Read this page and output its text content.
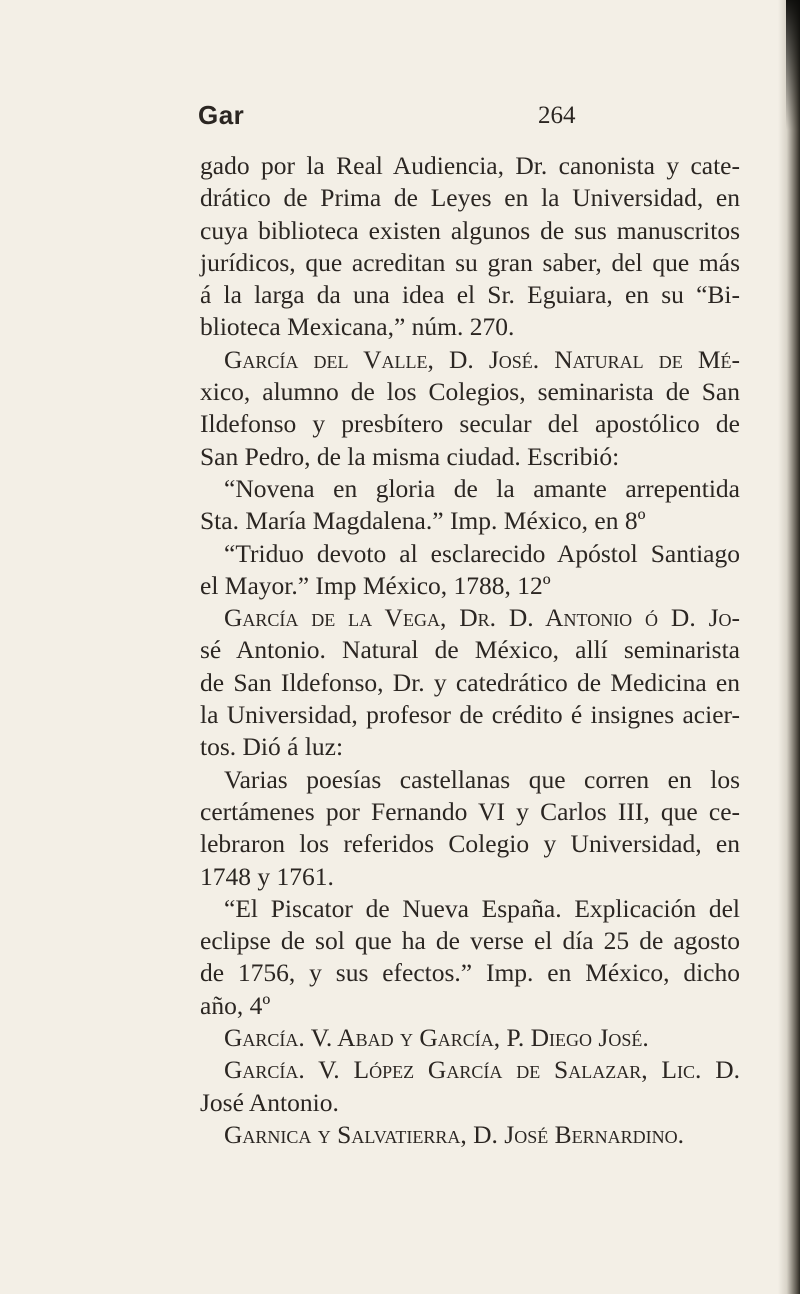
Gar	264
gado por la Real Audiencia, Dr. canonista y cate-
drático de Prima de Leyes en la Universidad, en
cuya biblioteca existen algunos de sus manuscritos
jurídicos, que acreditan su gran saber, del que más
á la larga da una idea el Sr. Eguiara, en su “Bi-
blioteca Mexicana,” núm. 270.
García del Valle, D. José. Natural de Mé-
xico, alumno de los Colegios, seminarista de San
Ildefonso y presbítero secular del apostólico de
San Pedro, de la misma ciudad. Escribió:
“Novena en gloria de la amante arrepentida
Sta. María Magdalena.” Imp. México, en 8º
“Triduo devoto al esclarecido Apóstol Santiago
el Mayor.” Imp México, 1788, 12º
García de la Vega, Dr. D. Antonio ó D. Jo-
sé Antonio. Natural de México, allí seminarista
de San Ildefonso, Dr. y catedrático de Medicina en
la Universidad, profesor de crédito é insignes acier-
tos. Dió á luz:
Varias poesías castellanas que corren en los
certámenes por Fernando VI y Carlos III, que ce-
lebraron los referidos Colegio y Universidad, en
1748 y 1761.
“El Piscator de Nueva España. Explicación del
eclipse de sol que ha de verse el día 25 de agosto
de 1756, y sus efectos.” Imp. en México, dicho
año, 4º
García. V. Abad y García, P. Diego José.
García. V. López García de Salazar, Lic. D.
José Antonio.
Garnica y Salvatierra, D. José Bernardino.
